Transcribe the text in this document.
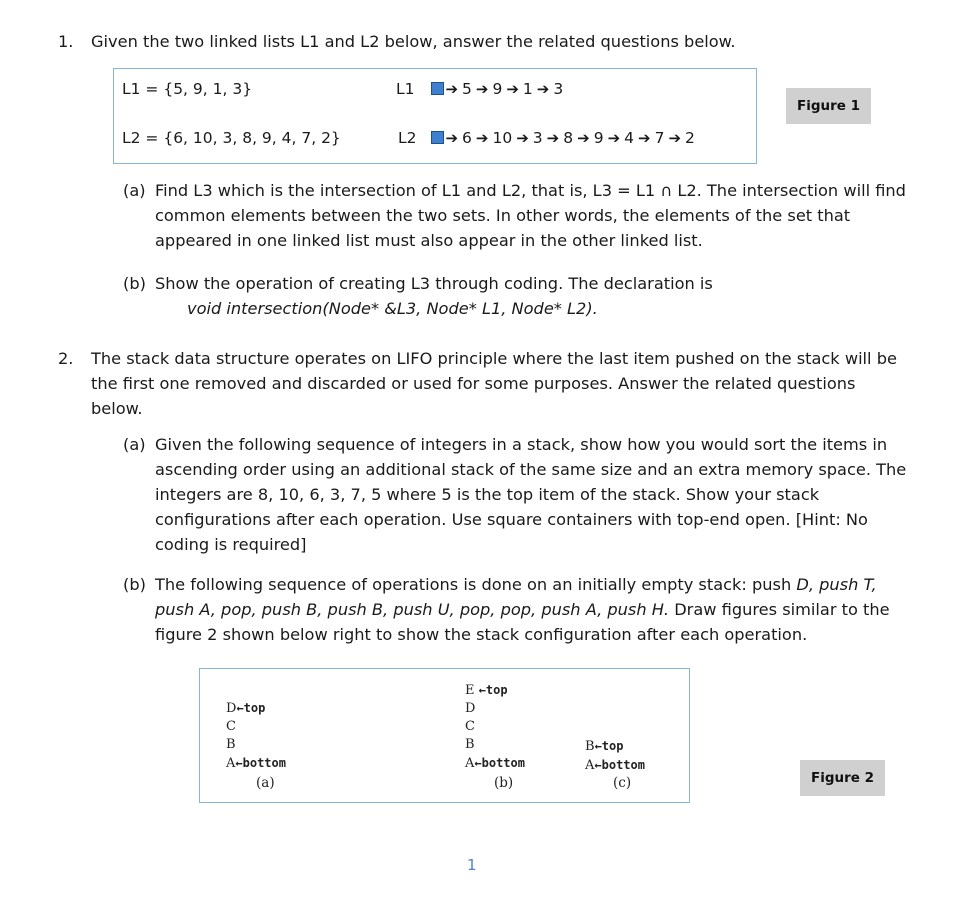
1. Given the two linked lists L1 and L2 below, answer the related questions below.
L1 = {5, 9, 1, 3}
L2 = {6, 10, 3, 8, 9, 4, 7, 2}
L1 ➔ 5 ➔ 9 ➔ 1 ➔ 3
L2 ➔ 6 ➔ 10 ➔ 3 ➔ 8 ➔ 9 ➔ 4 ➔ 7 ➔ 2
Figure 1
(a) Find L3 which is the intersection of L1 and L2, that is, L3 = L1 ∩ L2. The intersection will find
common elements between the two sets. In other words, the elements of the set that
appeared in one linked list must also appear in the other linked list.
(b) Show the operation of creating L3 through coding. The declaration is
void intersection(Node* &L3, Node* L1, Node* L2).
2. The stack data structure operates on LIFO principle where the last item pushed on the stack will be
the first one removed and discarded or used for some purposes. Answer the related questions
below.
(a) Given the following sequence of integers in a stack, show how you would sort the items in
ascending order using an additional stack of the same size and an extra memory space. The
integers are 8, 10, 6, 3, 7, 5 where 5 is the top item of the stack. Show your stack
configurations after each operation. Use square containers with top-end open. [Hint: No
coding is required]
(b) The following sequence of operations is done on an initially empty stack: push D, push T,
push A, pop, push B, push B, push U, pop, pop, push A, push H. Draw figures similar to the
figure 2 shown below right to show the stack configuration after each operation.
D←top
C
B
A←bottom
(a)
E ←top
D
C
B
A←bottom
(b)
B←top
A←bottom
(c)	Figure 2
1
